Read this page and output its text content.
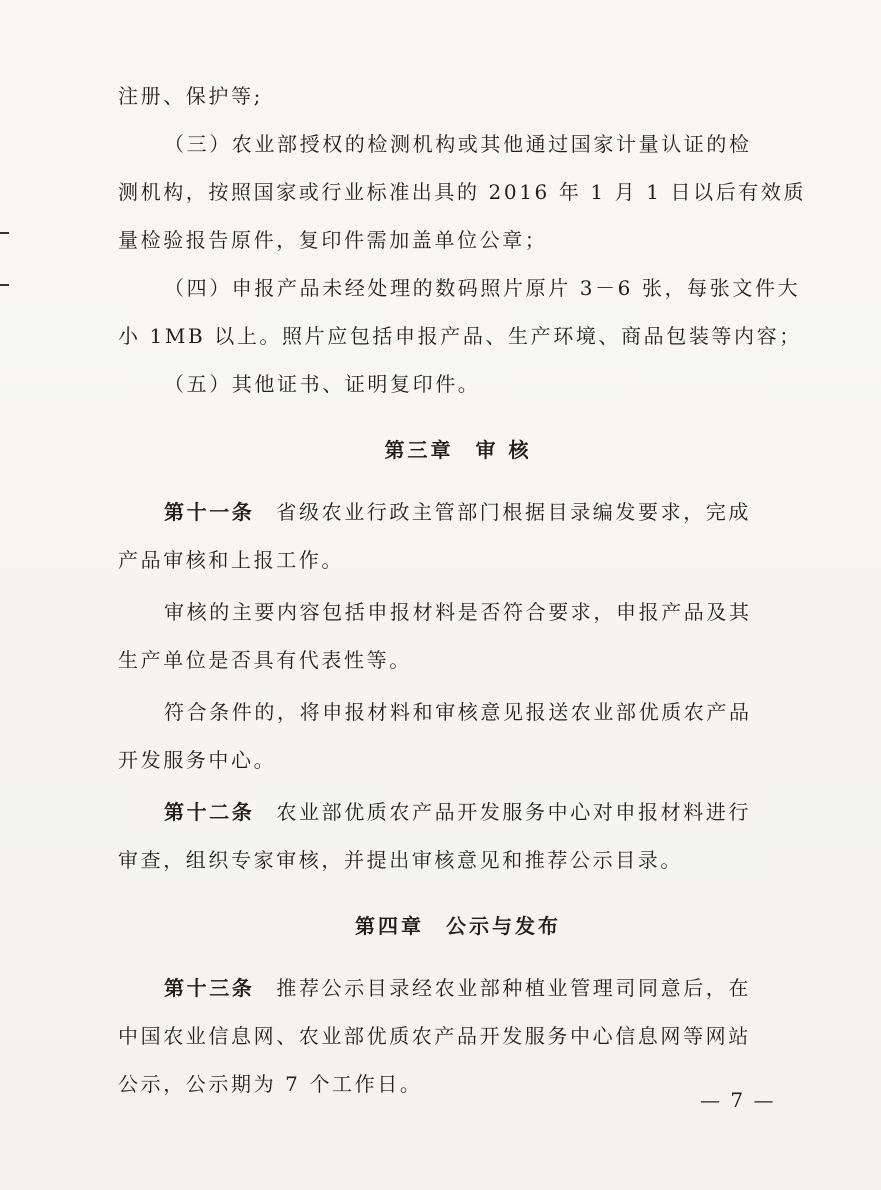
注册、保护等;
（三）农业部授权的检测机构或其他通过国家计量认证的检
测机构，按照国家或行业标准出具的 2016 年 1 月 1 日以后有效质
量检验报告原件，复印件需加盖单位公章；
（四）申报产品未经处理的数码照片原片 3－6 张，每张文件大
小 1MB 以上。照片应包括申报产品、生产环境、商品包装等内容；
（五）其他证书、证明复印件。
第三章 审 核
第十一条 省级农业行政主管部门根据目录编发要求，完成
产品审核和上报工作。
审核的主要内容包括申报材料是否符合要求，申报产品及其
生产单位是否具有代表性等。
符合条件的，将申报材料和审核意见报送农业部优质农产品
开发服务中心。
第十二条 农业部优质农产品开发服务中心对申报材料进行
审查，组织专家审核，并提出审核意见和推荐公示目录。
第四章 公示与发布
第十三条 推荐公示目录经农业部种植业管理司同意后，在
中国农业信息网、农业部优质农产品开发服务中心信息网等网站
公示，公示期为 7 个工作日。
— 7 —
